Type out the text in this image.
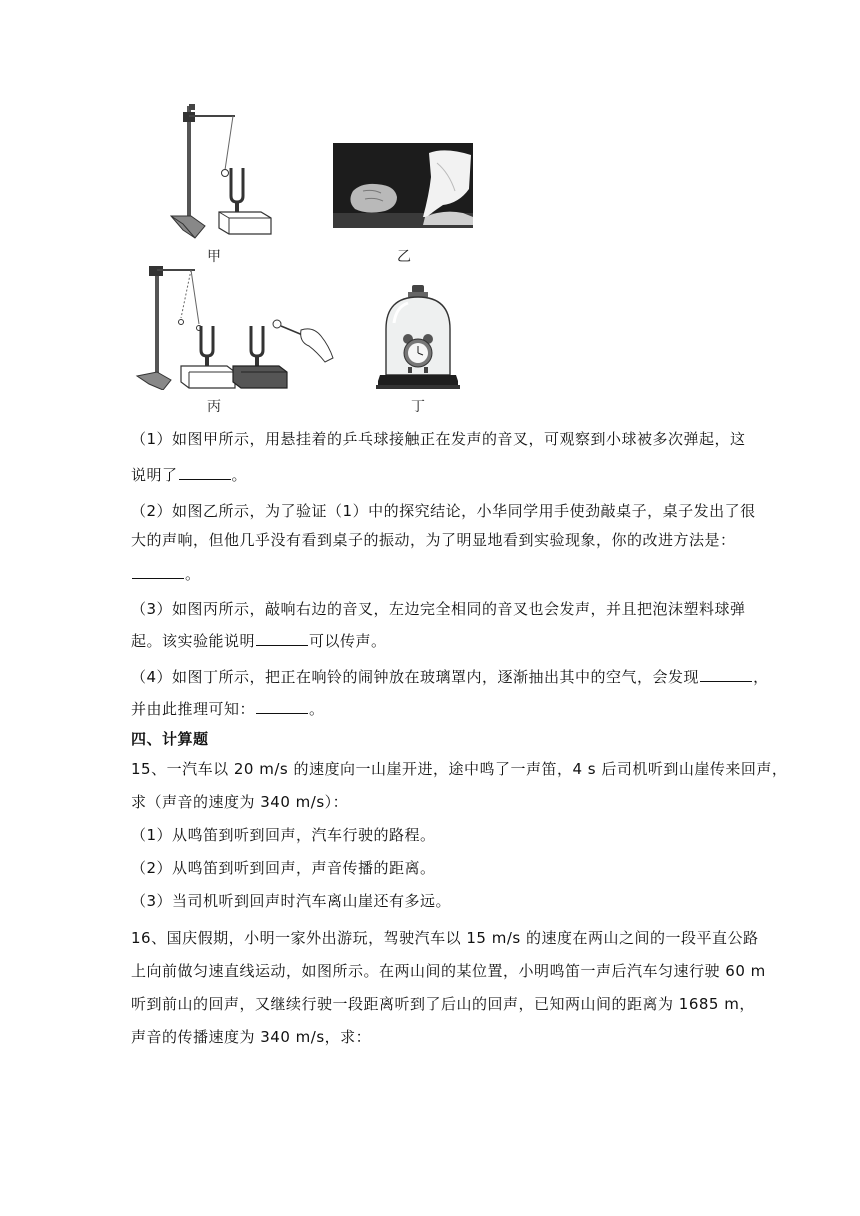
甲	乙
丙	丁
（1）如图甲所示，用悬挂着的乒乓球接触正在发声的音叉，可观察到小球被多次弹起，这
说明了	。
（2）如图乙所示，为了验证（1）中的探究结论，小华同学用手使劲敲桌子，桌子发出了很
大的声响，但他几乎没有看到桌子的振动，为了明显地看到实验现象，你的改进方法是：
。
（3）如图丙所示，敲响右边的音叉，左边完全相同的音叉也会发声，并且把泡沫塑料球弹
起。该实验能说明	可以传声。
（4）如图丁所示，把正在响铃的闹钟放在玻璃罩内，逐渐抽出其中的空气，会发现	，
并由此推理可知：	。
四、计算题
15、一汽车以 20 m/s 的速度向一山崖开进，途中鸣了一声笛，4 s 后司机听到山崖传来回声，
求（声音的速度为 340 m/s）：
（1）从鸣笛到听到回声，汽车行驶的路程。
（2）从鸣笛到听到回声，声音传播的距离。
（3）当司机听到回声时汽车离山崖还有多远。
16、国庆假期，小明一家外出游玩，驾驶汽车以 15 m/s 的速度在两山之间的一段平直公路
上向前做匀速直线运动，如图所示。在两山间的某位置，小明鸣笛一声后汽车匀速行驶 60 m
听到前山的回声，又继续行驶一段距离听到了后山的回声，已知两山间的距离为 1685 m，
声音的传播速度为 340 m/s，求：
